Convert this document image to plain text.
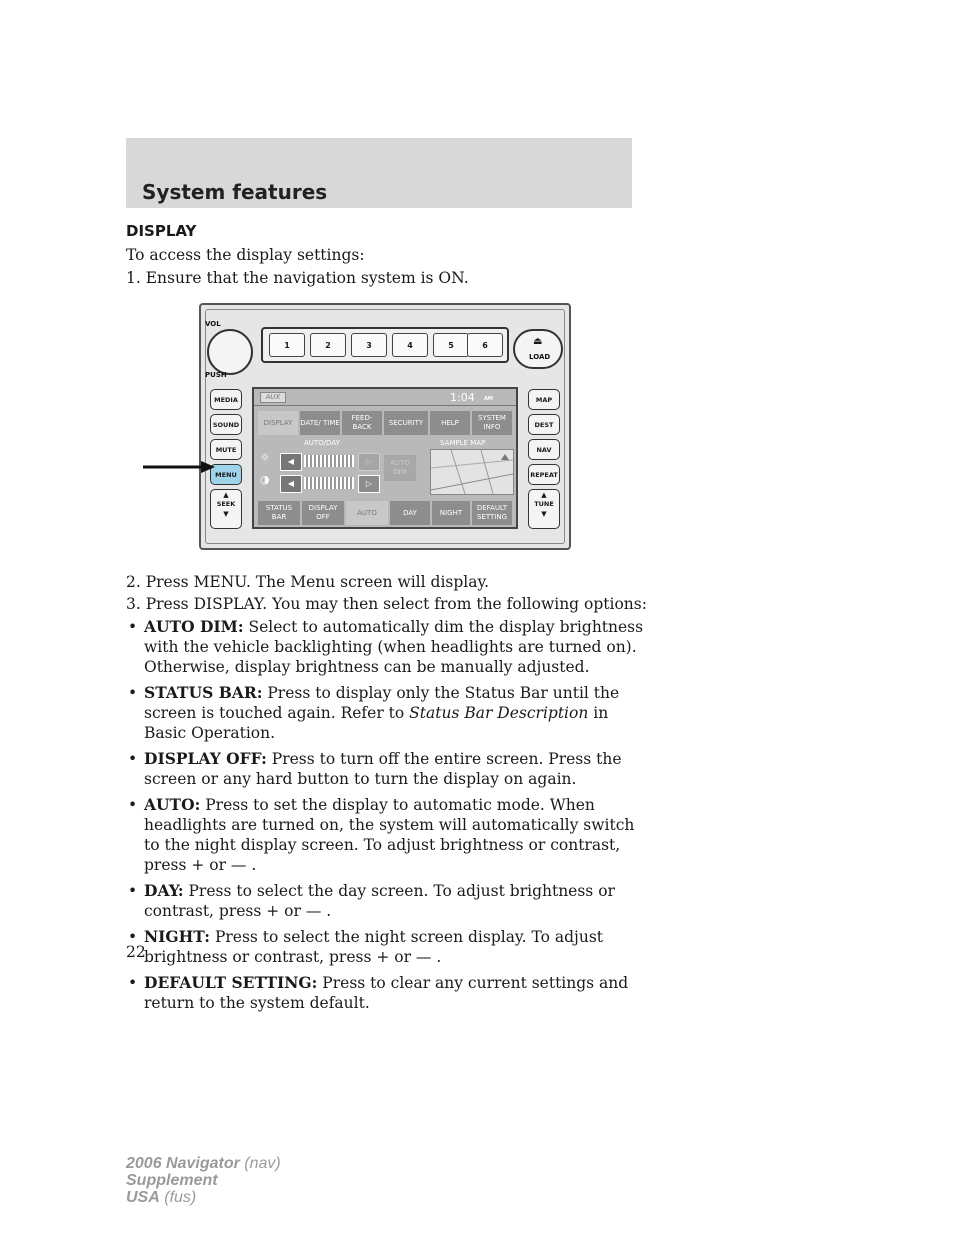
System features
DISPLAY
To access the display settings:
1. Ensure that the navigation system is ON.
VOL
PUSH
1	2	3	4	5	6	⏏
LOAD
MEDIA
SOUND
MUTE
MENU
▲
SEEK
▼
MAP
DEST
NAV
REPEAT
▲
TUNE
▼
AUX	1:04 AM
DISPLAY	DATE/ TIME
FEED- BACK
SECURITY	HELP
SYSTEM INFO
AUTO/DAY	SAMPLE MAP
☼
◑
◀	▷
◀	▷
AUTO DIM
STATUS BAR
DISPLAY OFF
AUTO	DAY	NIGHT
DEFAULT SETTING
2. Press MENU. The Menu screen will display.
3. Press DISPLAY. You may then select from the following options:
• AUTO DIM: Select to automatically dim the display brightness with the vehicle backlighting (when headlights are turned on). Otherwise, display brightness can be manually adjusted.
• STATUS BAR: Press to display only the Status Bar until the screen is touched again. Refer to Status Bar Description in Basic Operation.
• DISPLAY OFF: Press to turn off the entire screen. Press the screen or any hard button to turn the display on again.
• AUTO: Press to set the display to automatic mode. When headlights are turned on, the system will automatically switch to the night display screen. To adjust brightness or contrast, press + or — .
• DAY: Press to select the day screen. To adjust brightness or contrast, press + or — .
• NIGHT: Press to select the night screen display. To adjust brightness or contrast, press + or — .
• DEFAULT SETTING: Press to clear any current settings and return to the system default.
22
2006 Navigator (nav)
Supplement
USA (fus)
